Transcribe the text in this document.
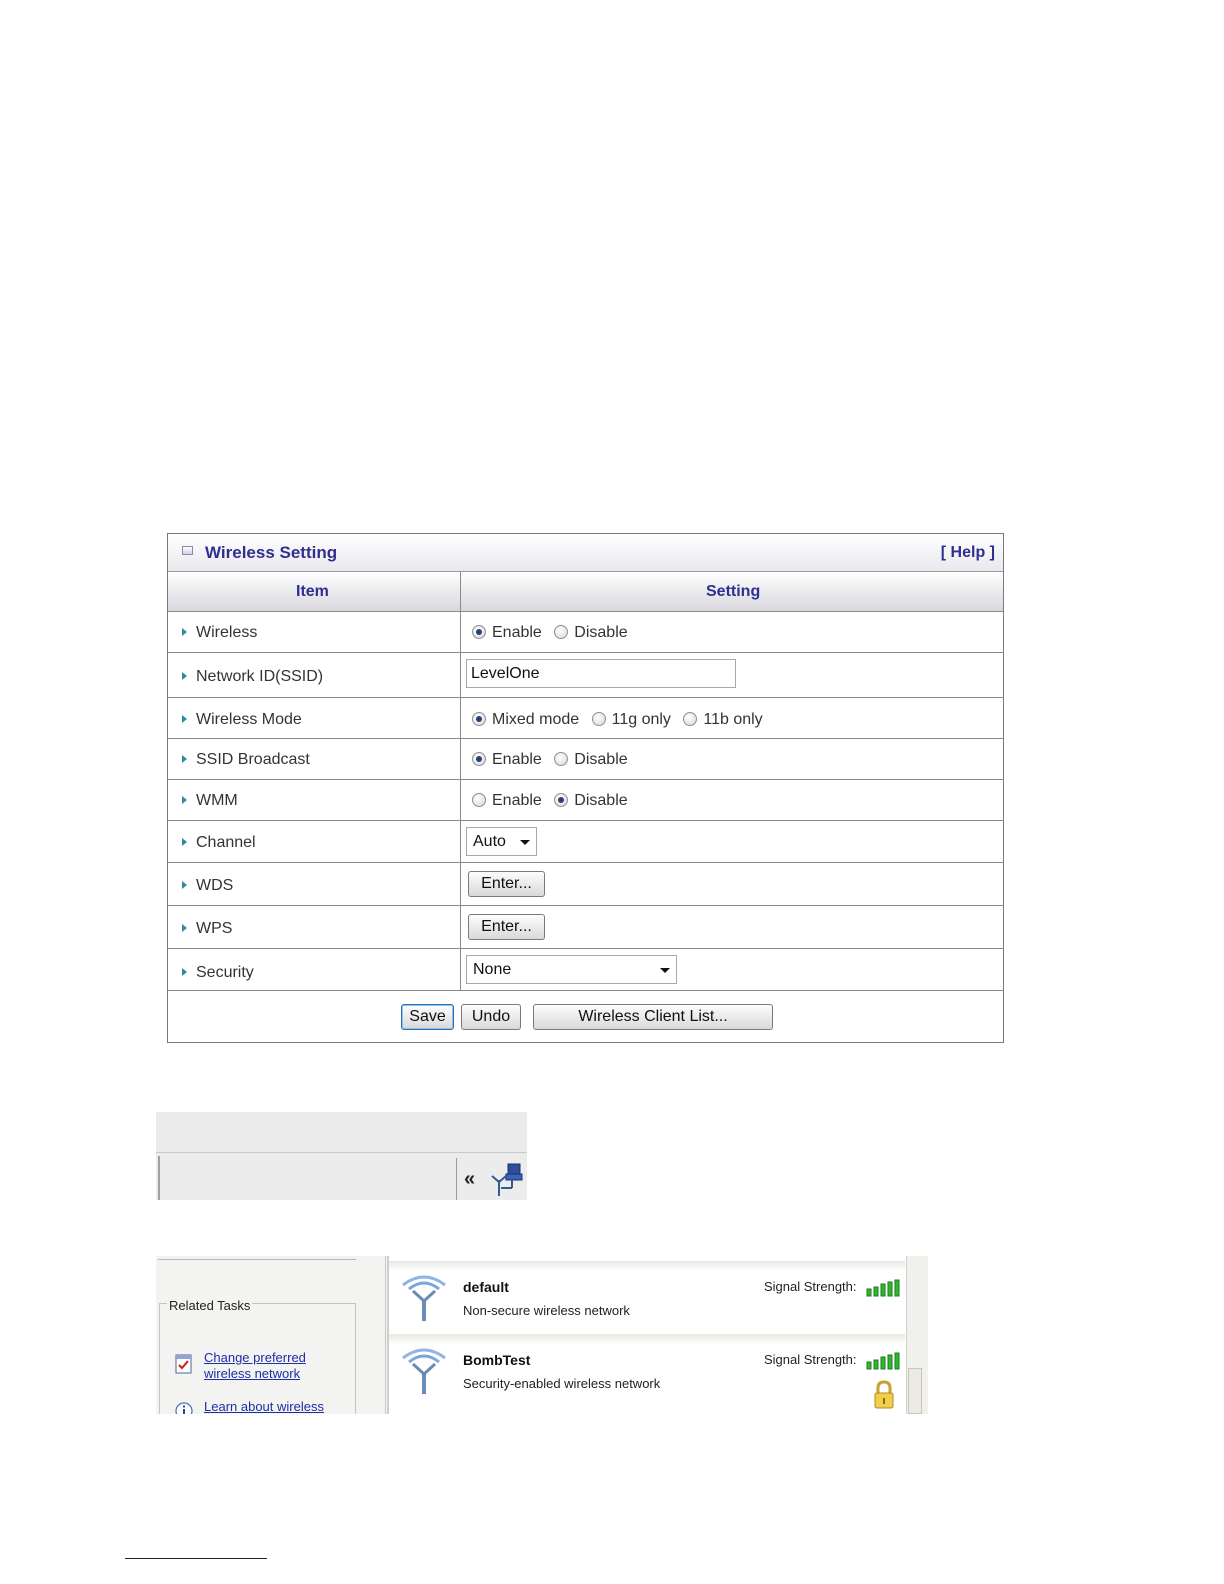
Wireless Setting	[ Help ]
Item	Setting
Wireless	Enable Disable
Network ID(SSID)	LevelOne
Wireless Mode	Mixed mode 11g only 11b only
SSID Broadcast	Enable Disable
WMM	Enable Disable
Channel	Auto
WDS	Enter...
WPS	Enter...
Security	None
Save	Undo	Wireless Client List...
«
Related Tasks
Change preferred
wireless network
Learn about wireless
default
Non-secure wireless network
Signal Strength:
BombTest
Security-enabled wireless network
Signal Strength:
